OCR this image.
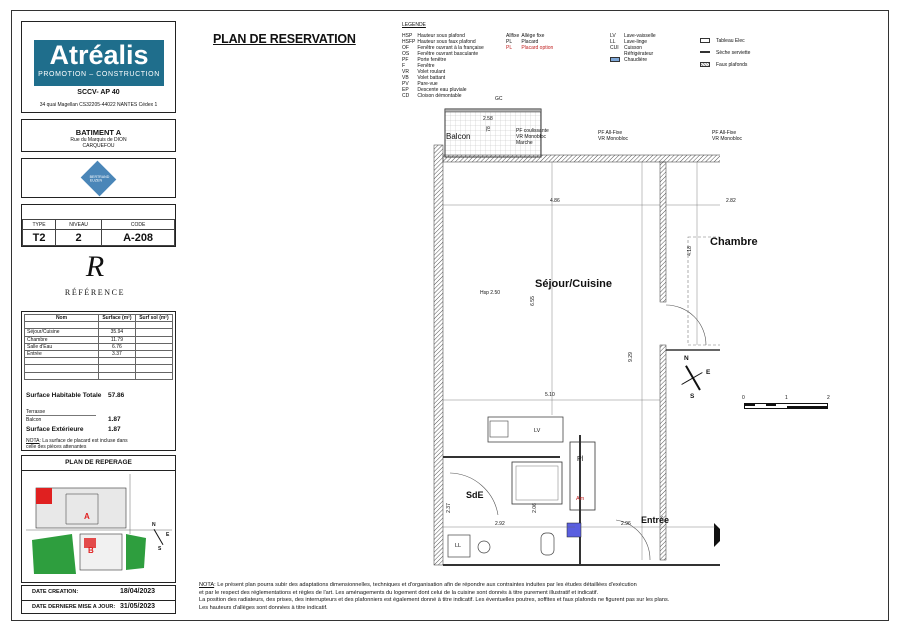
Atréalis
PROMOTION – CONSTRUCTION
SCCV- AP 40
34 quai Magellan CS32205-44022 NANTES Cédex 1
BATIMENT A
Rue du Marquis de DION
CARQUEFOU
BERTRAND
EUZEN
TYPE	NIVEAU	CODE
T2	2	A-208
R
RÉFÉRENCE
Nom	Surface (m²)	Surf sol (m²)

Séjour/Cuisine	35.94	
Chambre	11.79	
Salle d'Eau	6.76	
Entrée	3.37	

Surface Habitable Totale 57.86
Terrasse
Balcon	1.87
Surface Extérieure	1.87
NOTA: La surface de placard est incluse dans celle des pièces attenantes
PLAN DE REPERAGE
A
B
N
E
S
DATE CREATION:	18/04/2023
DATE DERNIERE MISE A JOUR: 31/05/2023
PLAN DE RESERVATION
LEGENDE
HSP	Hauteur sous plafond
HSFP	Hauteur sous faux plafond
OF	Fenêtre ouvrant à la française
OS	Fenêtre ouvrant basculante
PF	Porte fenêtre
F	Fenêtre
VR	Volet roulant
VB	Volet battant
PV	Pare-vue
EP	Descente eau pluviale
CD	Cloison démontable
Allfixe	Allège fixe
PL	Placard
PL	Placard option
LV	Lave-vaisselle
LL	Lave-linge
CUI	Cuisson
	Réfrigérateur
	Chaudière
Tableau Elec
Sèche serviette
Faux plafonds
Séjour/Cuisine
Chambre
SdE
Entrée
Balcon
Pl
Am
LV
LL
GC
Hsp 2.50
PF coulissante
VR Monobloc
Marche
PF All-Fixe
VR Monobloc
PF All-Fixe
VR Monobloc
2.58
78
4.86	2.82
4.18
6.55
9.29
5.10
2.92	2.96
2.37	2.06
N
E
S	0	1	2
NOTA: Le présent plan pourra subir des adaptations dimensionnelles, techniques et d'organisation afin de répondre aux contraintes induites par les études détaillées d'exécution
et par le respect des réglementations et règles de l'art. Les aménagements du logement dont celui de la cuisine sont donnés à titre purement illustratif et indicatif.
La position des radiateurs, des prises, des interrupteurs et des plafonniers est également donné à titre indicatif. Les éventuelles poutres, soffites et faux plafonds ne figurent pas sur les plans.
Les hauteurs d'allèges sont données à titre indicatif.
